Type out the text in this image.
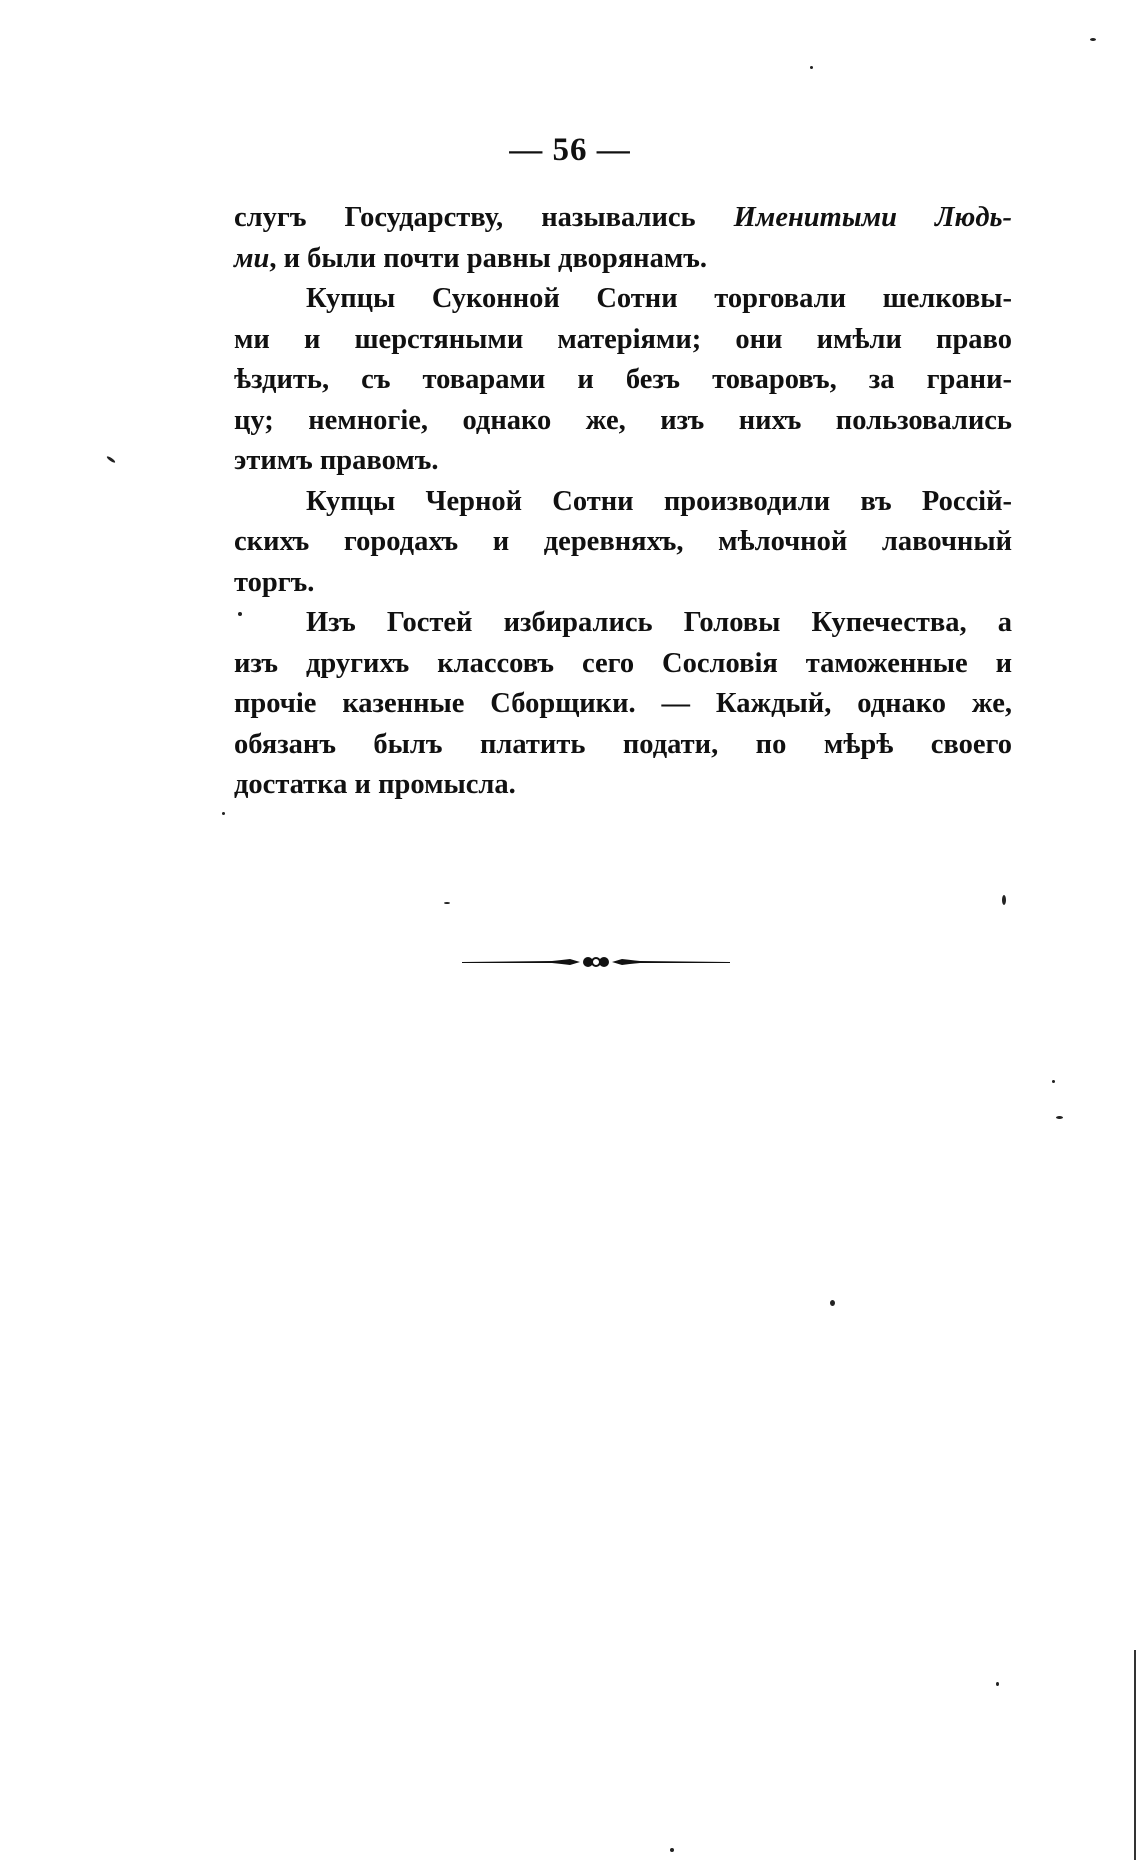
— 56 —
слугъ Государству, назывались Именитыми Людь-
ми, и были почти равны дворянамъ.
Купцы Суконной Сотни торговали шелковы-
ми и шерстяными матеріями; они имѣли право
ѣздить, съ товарами и безъ товаровъ, за грани-
цу; немногіе, однако же, изъ нихъ пользовались
этимъ правомъ.
Купцы Черной Сотни производили въ Россій-
скихъ городахъ и деревняхъ, мѣлочной лавочный
торгъ.
Изъ Гостей избирались Головы Купечества, а
изъ другихъ классовъ сего Сословія таможенные и
прочіе казенные Сборщики. — Каждый, однако же,
обязанъ былъ платить подати, по мѣрѣ своего
достатка и промысла.
